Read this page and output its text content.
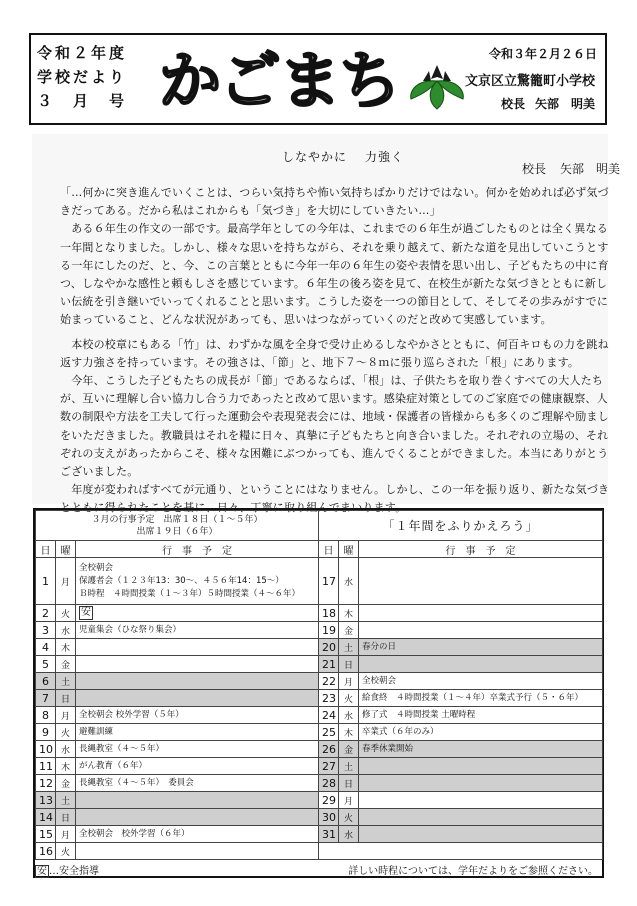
令和２年度
学校だより
３　月　号 かごまち	令和３年２月２６日
文京区立驚籠町小学校
校長 矢部　明美
しなやかに 力強く
校長 矢部　明美

「…何かに突き進んでいくことは、つらい気持ちや怖い気持ちばかりだけではない。何かを始めれば必ず気づきだってある。だから私はこれからも「気づき」を大切にしていきたい…」

　ある６年生の作文の一部です。最高学年としての今年は、これまでの６年生が過ごしたものとは全く異なる一年間となりました。しかし、様々な思いを持ちながら、それを乗り越えて、新たな道を見出していこうとする一年にしたのだ、と、今、この言葉とともに今年一年の６年生の姿や表情を思い出し、子どもたちの中に育つ、しなやかな感性と頼もしさを感じています。６年生の後ろ姿を見て、在校生が新たな気づきとともに新しい伝統を引き継いでいってくれることと思います。こうした姿を一つの節目として、そしてその歩みがすでに始まっていること、どんな状況があっても、思いはつながっていくのだと改めて実感しています。

　本校の校章にもある「竹」は、わずかな風を全身で受け止めるしなやかさとともに、何百キロもの力を跳ね返す力強さを持っています。その強さは、「節」と、地下７～８ｍに張り巡らされた「根」にあります。

　今年、こうした子どもたちの成長が「節」であるならば、「根」は、子供たちを取り巻くすべての大人たちが、互いに理解し合い協力し合う力であったと改めて思います。感染症対策としてのご家庭での健康観察、人数の制限や方法を工夫して行った運動会や表現発表会には、地域・保護者の皆様からも多くのご理解や励ましをいただきました。教職員はそれを糧に日々、真摯に子どもたちと向き合いました。それぞれの立場の、それぞれの支えがあったからこそ、様々な困難にぶつかっても、進んでくることができました。本当にありがとうございました。

　年度が変わればすべてが元通り、ということにはなりません。しかし、この一年を振り返り、新たな気づきとともに得られたことを基に、日々、丁寧に取り組んでまいります。

３月の行事予定　出席１８日（１～５年）
出席１９日（６年）			「１年間をふりかえろう」		
日	曜	行　事　予　定	日	曜	行　事　予　定
1	月	全校朝会
保護者会（１２３年13：30～、４５６年14：15～）
Ｂ時程　４時間授業（１～３年）５時間授業（４～６年）	17	水	

2	火	安	18	木	

3	水	児童集会（ひな祭り集会）	19	金	

4	木		20	土	春分の日

5	金		21	日	

6	土		22	月	全校朝会

7	日		23	火	給食終　４時間授業（１～４年）卒業式予行（５・６年）

8	月	全校朝会 校外学習（５年）	24	水	修了式　４時間授業 土曜時程

9	火	避難訓練	25	木	卒業式（６年のみ）

10	水	長縄教室（４～５年）	26	金	春季休業開始

11	木	がん教育（６年）	27	土	

12	金	長縄教室（４～５年）　委員会	28	日	

13	土		29	月	

14	日		30	火	

15	月	全校朝会　校外学習（６年）	31	水	

16	火			

安 …安全指導	詳しい時程については、学年だよりをご参照ください。
